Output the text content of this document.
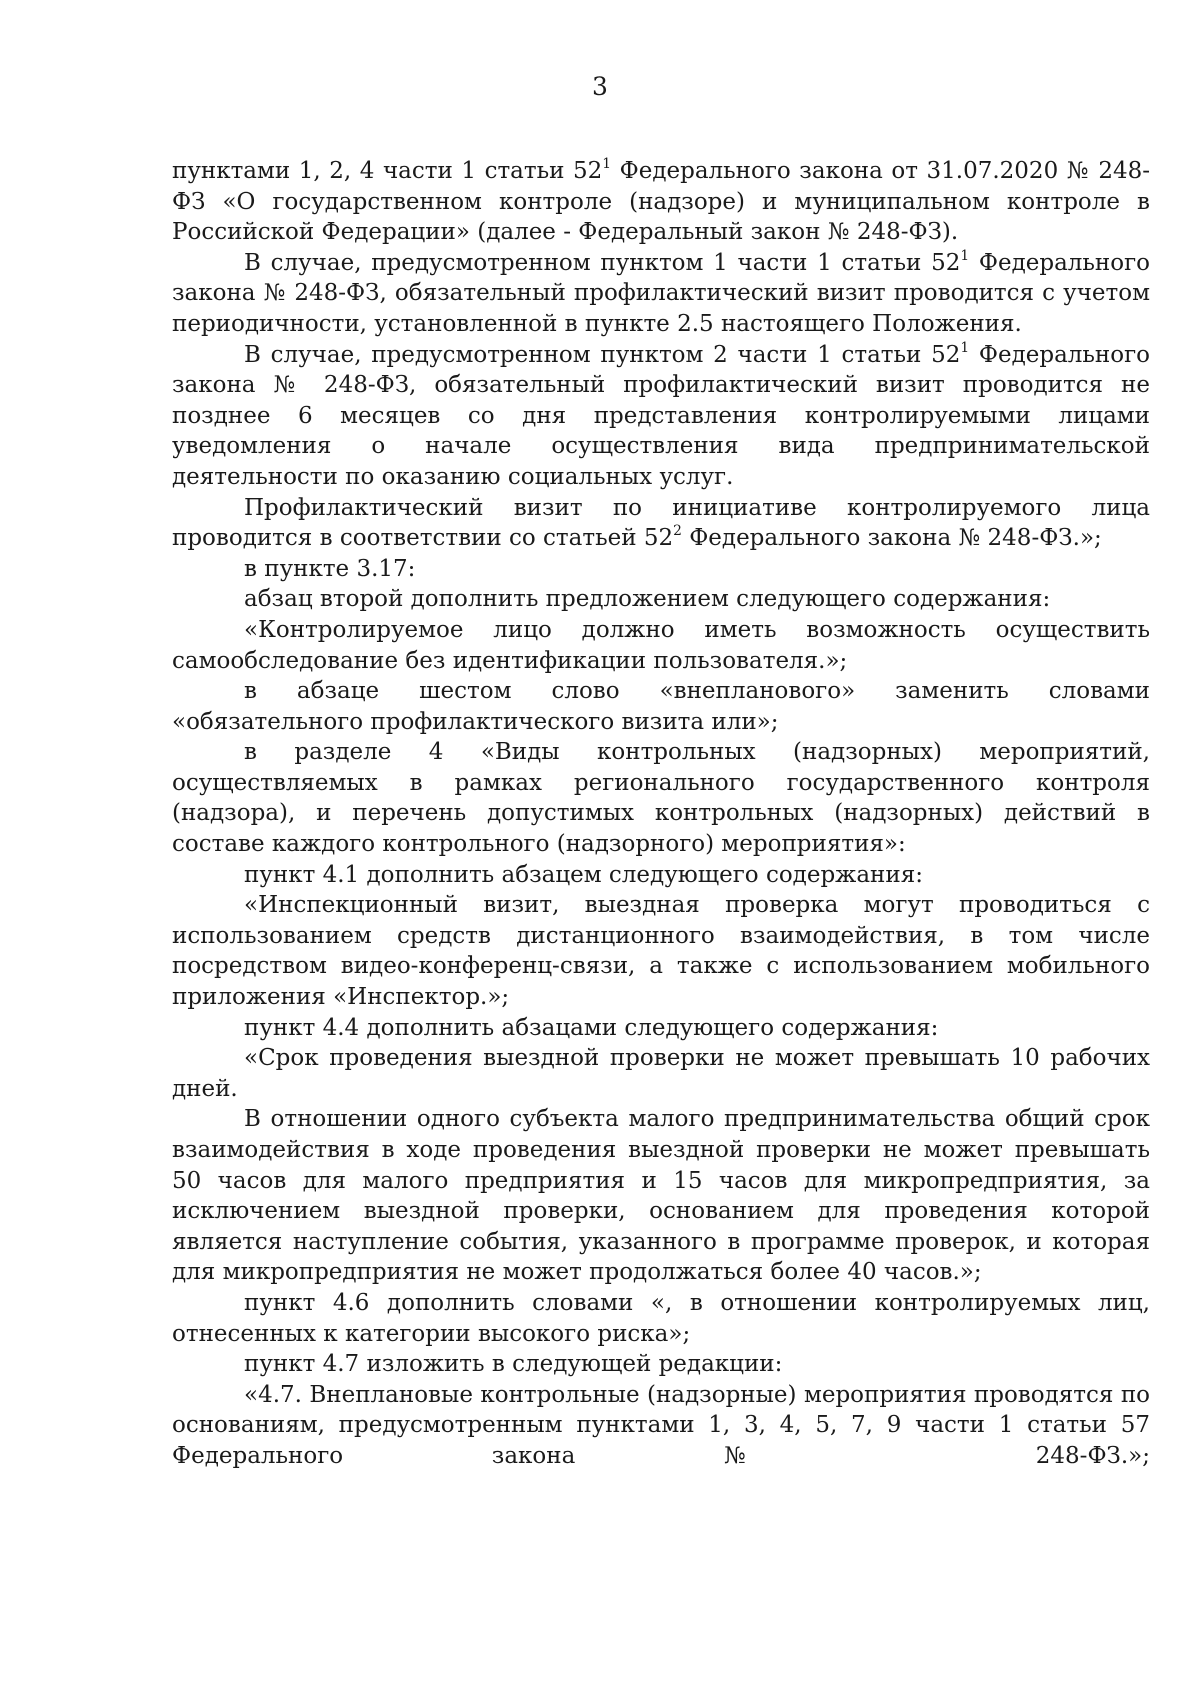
3

пунктами 1, 2, 4 части 1 статьи $52^1$ Федерального закона от 31.07.2020 № 248-ФЗ «О государственном контроле (надзоре) и муниципальном контроле в Российской Федерации» (далее - Федеральный закон № 248-ФЗ).

В случае, предусмотренном пунктом 1 части 1 статьи $52^1$ Федерального закона № 248-ФЗ, обязательный профилактический визит проводится с учетом периодичности, установленной в пункте 2.5 настоящего Положения.

В случае, предусмотренном пунктом 2 части 1 статьи $52^1$ Федерального закона № 248-ФЗ, обязательный профилактический визит проводится не позднее 6 месяцев со дня представления контролируемыми лицами уведомления о начале осуществления вида предпринимательской деятельности по оказанию социальных услуг.

Профилактический визит по инициативе контролируемого лица проводится в соответствии со статьей $52^2$ Федерального закона № 248-ФЗ.»;

в пункте 3.17:

абзац второй дополнить предложением следующего содержания:

«Контролируемое лицо должно иметь возможность осуществить самообследование без идентификации пользователя.»;

в абзаце шестом слово «внепланового» заменить словами «обязательного профилактического визита или»;

в разделе 4 «Виды контрольных (надзорных) мероприятий, осуществляемых в рамках регионального государственного контроля (надзора), и перечень допустимых контрольных (надзорных) действий в составе каждого контрольного (надзорного) мероприятия»:

пункт 4.1 дополнить абзацем следующего содержания:

«Инспекционный визит, выездная проверка могут проводиться с использованием средств дистанционного взаимодействия, в том числе посредством видео-конференц-связи, а также с использованием мобильного приложения «Инспектор.»;

пункт 4.4 дополнить абзацами следующего содержания:

«Срок проведения выездной проверки не может превышать 10 рабочих дней.

В отношении одного субъекта малого предпринимательства общий срок взаимодействия в ходе проведения выездной проверки не может превышать 50 часов для малого предприятия и 15 часов для микропредприятия, за исключением выездной проверки, основанием для проведения которой является наступление события, указанного в программе проверок, и которая для микропредприятия не может продолжаться более 40 часов.»;

пункт 4.6 дополнить словами «, в отношении контролируемых лиц, отнесенных к категории высокого риска»;

пункт 4.7 изложить в следующей редакции:

«4.7. Внеплановые контрольные (надзорные) мероприятия проводятся по основаниям, предусмотренным пунктами 1, 3, 4, 5, 7, 9 части 1 статьи 57 Федерального закона № 248-ФЗ.»;
